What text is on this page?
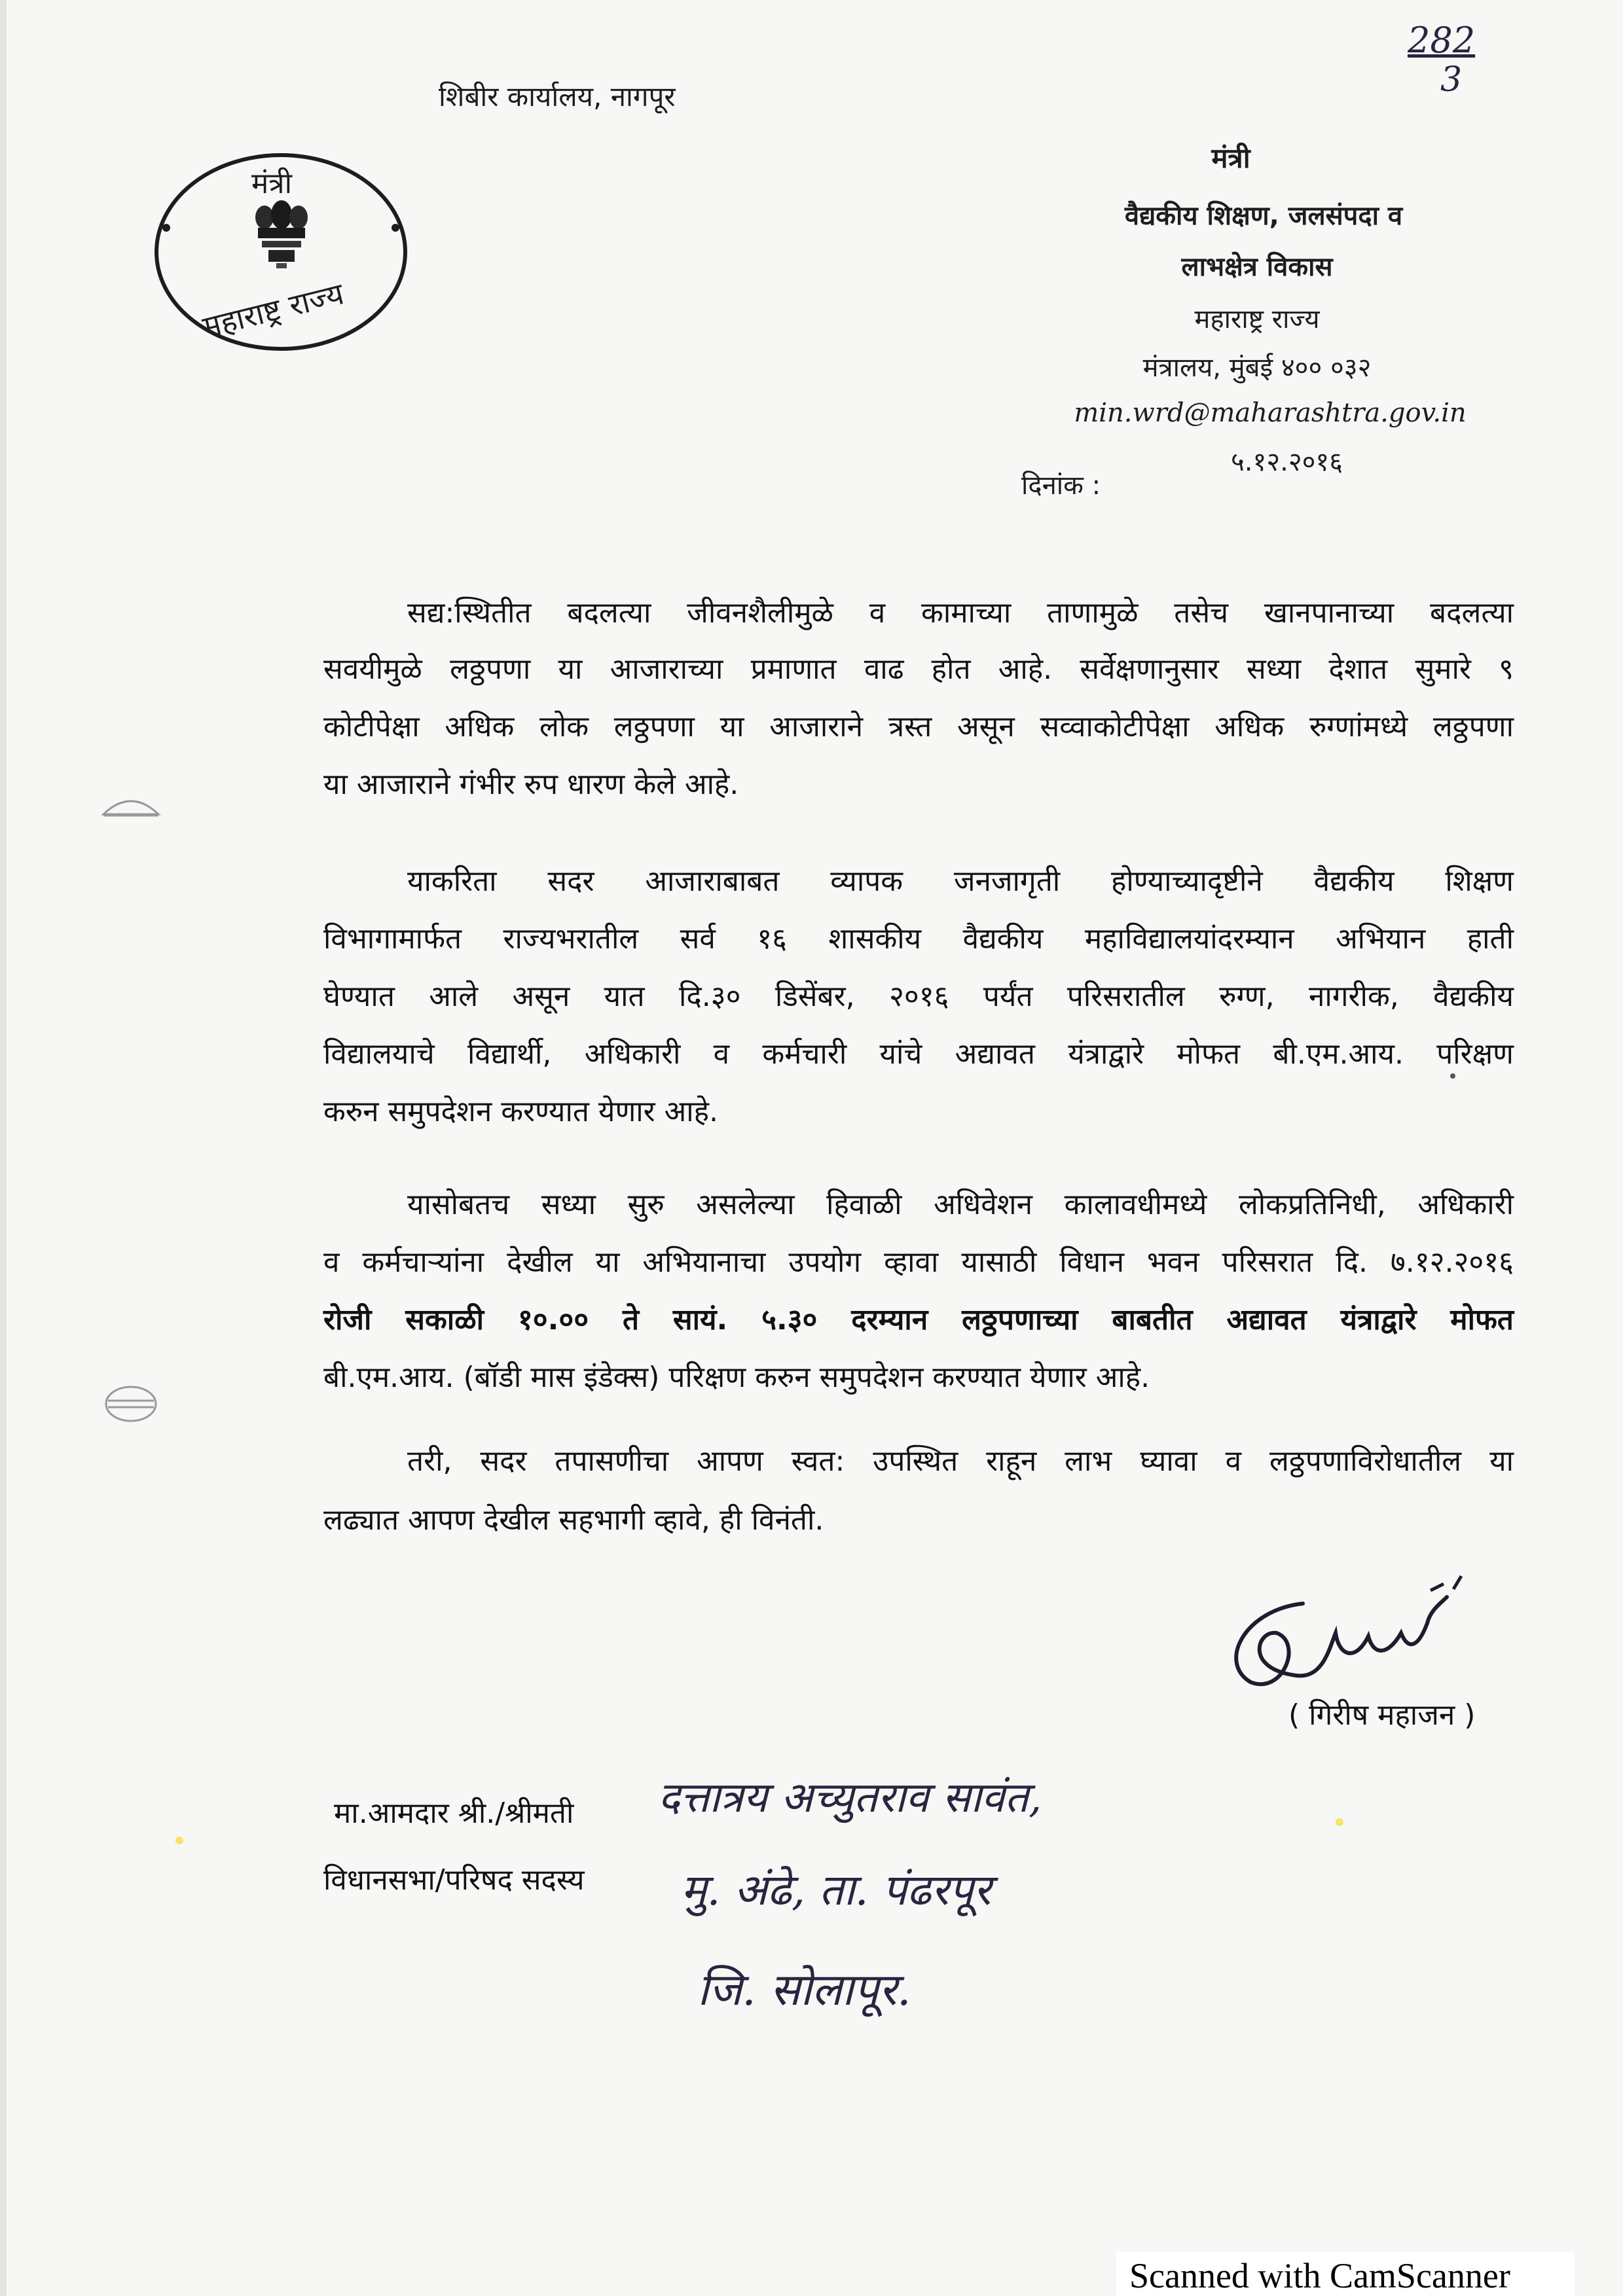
282
3
शिबीर कार्यालय, नागपूर
मंत्री
महाराष्ट्र राज्य
मंत्री
वैद्यकीय शिक्षण, जलसंपदा व
लाभक्षेत्र विकास
महाराष्ट्र राज्य
मंत्रालय, मुंबई ४०० ०३२
min.wrd@maharashtra.gov.in
दिनांक :
५.१२.२०१६
सद्य:स्थितीत बदलत्या जीवनशैलीमुळे व कामाच्या ताणामुळे तसेच खानपानाच्या बदलत्या
सवयीमुळे लठ्ठपणा या आजाराच्या प्रमाणात वाढ होत आहे. सर्वेक्षणानुसार सध्या देशात सुमारे ९
कोटीपेक्षा अधिक लोक लठ्ठपणा या आजाराने त्रस्त असून सव्वाकोटीपेक्षा अधिक रुग्णांमध्ये लठ्ठपणा
या आजाराने गंभीर रुप धारण केले आहे.
याकरिता सदर आजाराबाबत व्यापक जनजागृती होण्याच्यादृष्टीने वैद्यकीय शिक्षण
विभागामार्फत राज्यभरातील सर्व १६ शासकीय वैद्यकीय महाविद्यालयांदरम्यान अभियान हाती
घेण्यात आले असून यात दि.३० डिसेंबर, २०१६ पर्यंत परिसरातील रुग्ण, नागरीक, वैद्यकीय
विद्यालयाचे विद्यार्थी, अधिकारी व कर्मचारी यांचे अद्यावत यंत्राद्वारे मोफत बी.एम.आय. परिक्षण
करुन समुपदेशन करण्यात येणार आहे.
यासोबतच सध्या सुरु असलेल्या हिवाळी अधिवेशन कालावधीमध्ये लोकप्रतिनिधी, अधिकारी
व कर्मचाऱ्यांना देखील या अभियानाचा उपयोग व्हावा यासाठी विधान भवन परिसरात दि. ७.१२.२०१६
रोजी सकाळी १०.०० ते सायं. ५.३० दरम्यान लठ्ठपणाच्या बाबतीत अद्यावत यंत्राद्वारे मोफत
बी.एम.आय. (बॉडी मास इंडेक्स) परिक्षण करुन समुपदेशन करण्यात येणार आहे.
तरी, सदर तपासणीचा आपण स्वत: उपस्थित राहून लाभ घ्यावा व लठ्ठपणाविरोधातील या
लढ्यात आपण देखील सहभागी व्हावे, ही विनंती.
( गिरीष महाजन )
मा.आमदार श्री./श्रीमती
विधानसभा/परिषद सदस्य
दत्तात्रय अच्युतराव सावंत,
मु. अंढे, ता. पंढरपूर
जि. सोलापूर.
Scanned with CamScanner
